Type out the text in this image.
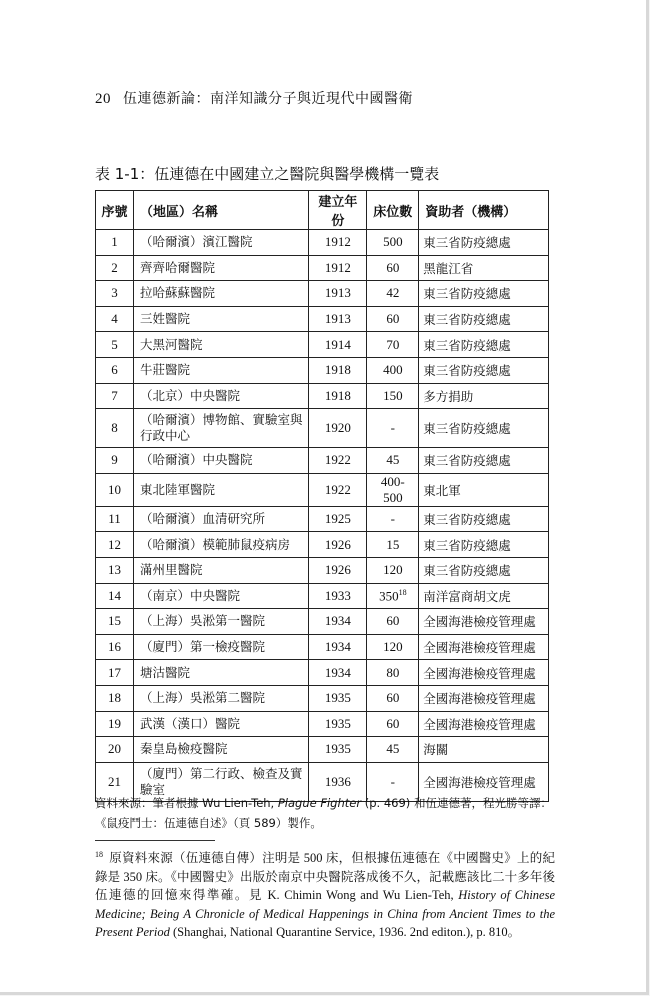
20 伍連德新論：南洋知識分子與近現代中國醫衛
表 1-1：伍連德在中國建立之醫院與醫學機構一覽表
序號	（地區）名稱	建立年份	床位數	資助者（機構）
1	（哈爾濱）濱江醫院	1912	500	東三省防疫總處
2	齊齊哈爾醫院	1912	60	黑龍江省
3	拉哈蘇蘇醫院	1913	42	東三省防疫總處
4	三姓醫院	1913	60	東三省防疫總處
5	大黑河醫院	1914	70	東三省防疫總處
6	牛莊醫院	1918	400	東三省防疫總處
7	（北京）中央醫院	1918	150	多方捐助
8	（哈爾濱）博物館、實驗室與行政中心	1920	-	東三省防疫總處
9	（哈爾濱）中央醫院	1922	45	東三省防疫總處
10	東北陸軍醫院	1922	400-500	東北軍
11	（哈爾濱）血清研究所	1925	-	東三省防疫總處
12	（哈爾濱）模範肺鼠疫病房	1926	15	東三省防疫總處
13	滿州里醫院	1926	120	東三省防疫總處
14	（南京）中央醫院	1933	$350^{18}$	南洋富商胡文虎
15	（上海）吳淞第一醫院	1934	60	全國海港檢疫管理處
16	（廈門）第一檢疫醫院	1934	120	全國海港檢疫管理處
17	塘沽醫院	1934	80	全國海港檢疫管理處
18	（上海）吳淞第二醫院	1935	60	全國海港檢疫管理處
19	武漢（漢口）醫院	1935	60	全國海港檢疫管理處
20	秦皇島檢疫醫院	1935	45	海關
21	（廈門）第二行政、檢查及實驗室	1936	-	全國海港檢疫管理處
資料來源：筆者根據 Wu Lien-Teh, Plague Fighter (p. 469) 和伍連德著，程光勝等譯：《鼠疫鬥士：伍連德自述》（頁 589）製作。
$^{18}$ 原資料來源（伍連德自傳）注明是 500 床，但根據伍連德在《中國醫史》上的紀錄是 350 床。《中國醫史》出版於南京中央醫院落成後不久，記載應該比二十多年後伍連德的回憶來得準確。見 K. Chimin Wong and Wu Lien-Teh, History of Chinese Medicine; Being A Chronicle of Medical Happenings in China from Ancient Times to the Present Period (Shanghai, National Quarantine Service, 1936. 2nd editon.), p. 810。
